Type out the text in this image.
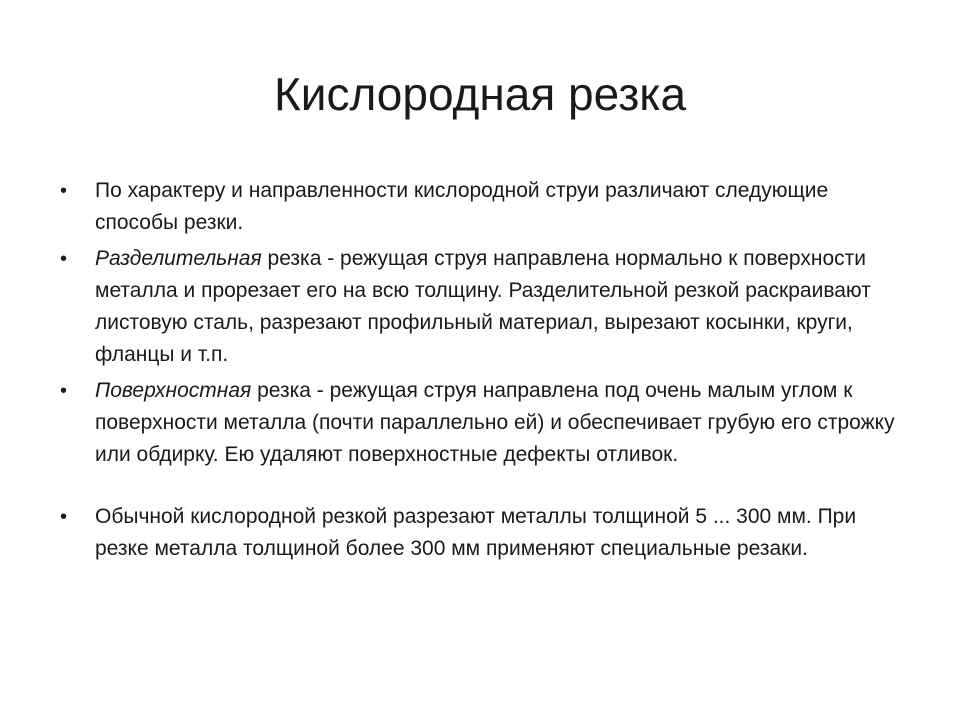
Кислородная резка
•	По характеру и направленности кислородной струи различают следующие способы резки.
•	Разделительная резка - режущая струя направлена нормально к поверхности металла и прорезает его на всю толщину. Разделительной резкой раскраивают листовую сталь, разрезают профильный материал, вырезают косынки, круги, фланцы и т.п.
•	Поверхностная резка - режущая струя направлена под очень малым углом к поверхности металла (почти параллельно ей) и обеспечивает грубую его строжку или обдирку. Ею удаляют поверхностные дефекты отливок.
•	Обычной кислородной резкой разрезают металлы толщиной 5 ... 300 мм. При резке металла толщиной более 300 мм применяют специальные резаки.
